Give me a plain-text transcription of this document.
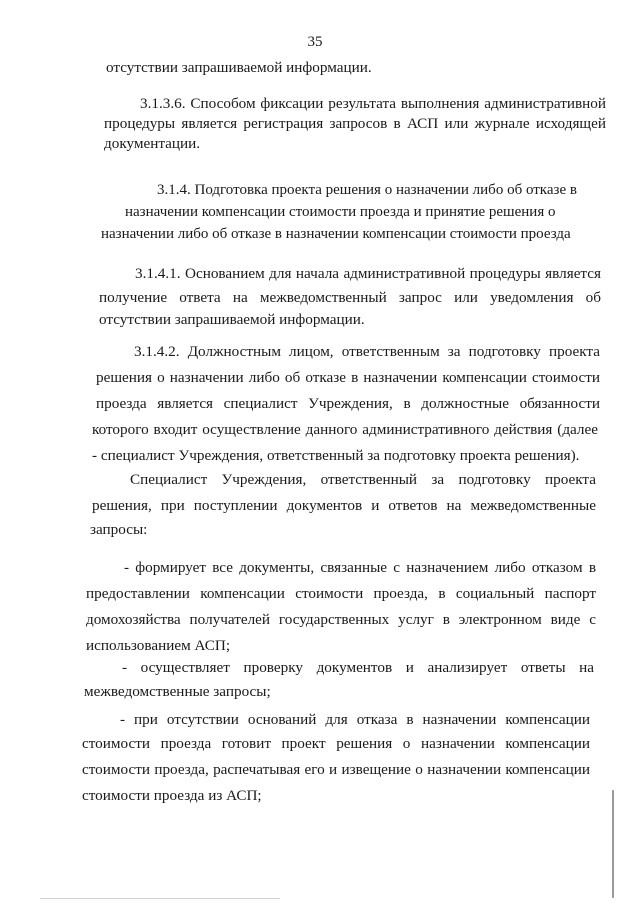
35
отсутствии запрашиваемой информации.
3.1.3.6. Способом фиксации результата выполнения административной
процедуры является регистрация запросов в АСП или журнале исходящей
документации.
3.1.4. Подготовка проекта решения о назначении либо об отказе в
назначении компенсации стоимости проезда и принятие решения о
назначении либо об отказе в назначении компенсации стоимости проезда
3.1.4.1. Основанием для начала административной процедуры является
получение ответа на межведомственный запрос или уведомления об
отсутствии запрашиваемой информации.
3.1.4.2. Должностным лицом, ответственным за подготовку проекта
решения о назначении либо об отказе в назначении компенсации стоимости
проезда является специалист Учреждения, в должностные обязанности
которого входит осуществление данного административного действия (далее
- специалист Учреждения, ответственный за подготовку проекта решения).
Специалист Учреждения, ответственный за подготовку проекта
решения, при поступлении документов и ответов на межведомственные
запросы:
- формирует все документы, связанные с назначением либо отказом в
предоставлении компенсации стоимости проезда, в социальный паспорт
домохозяйства получателей государственных услуг в электронном виде с
использованием АСП;
- осуществляет проверку документов и анализирует ответы на
межведомственные запросы;
- при отсутствии оснований для отказа в назначении компенсации
стоимости проезда готовит проект решения о назначении компенсации
стоимости проезда, распечатывая его и извещение о назначении компенсации
стоимости проезда из АСП;
